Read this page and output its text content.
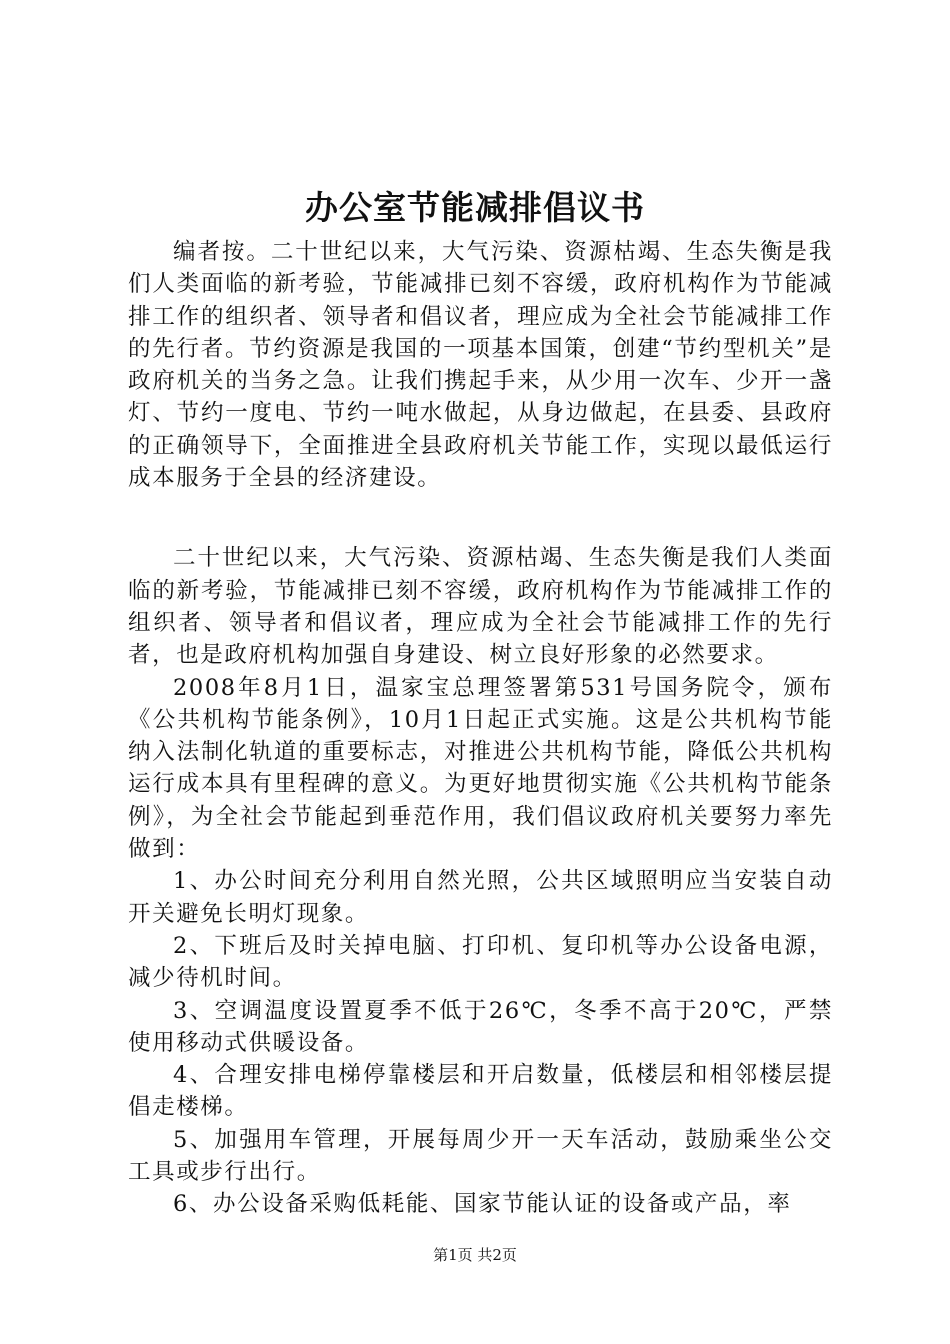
办公室节能减排倡议书

编者按。二十世纪以来，大气污染、资源枯竭、生态失衡是我们人类面临的新考验，节能减排已刻不容缓，政府机构作为节能减排工作的组织者、领导者和倡议者，理应成为全社会节能减排工作的先行者。节约资源是我国的一项基本国策，创建“节约型机关”是政府机关的当务之急。让我们携起手来，从少用一次车、少开一盏灯、节约一度电、节约一吨水做起，从身边做起，在县委、县政府的正确领导下，全面推进全县政府机关节能工作，实现以最低运行成本服务于全县的经济建设。

二十世纪以来，大气污染、资源枯竭、生态失衡是我们人类面临的新考验，节能减排已刻不容缓，政府机构作为节能减排工作的组织者、领导者和倡议者，理应成为全社会节能减排工作的先行者，也是政府机构加强自身建设、树立良好形象的必然要求。

2008年8月1日，温家宝总理签署第531号国务院令，颁布《公共机构节能条例》，10月1日起正式实施。这是公共机构节能纳入法制化轨道的重要标志，对推进公共机构节能，降低公共机构运行成本具有里程碑的意义。为更好地贯彻实施《公共机构节能条例》，为全社会节能起到垂范作用，我们倡议政府机关要努力率先做到：

1、办公时间充分利用自然光照，公共区域照明应当安装自动开关避免长明灯现象。

2、下班后及时关掉电脑、打印机、复印机等办公设备电源，减少待机时间。

3、空调温度设置夏季不低于26℃，冬季不高于20℃，严禁使用移动式供暖设备。

4、合理安排电梯停靠楼层和开启数量，低楼层和相邻楼层提倡走楼梯。

5、加强用车管理，开展每周少开一天车活动，鼓励乘坐公交工具或步行出行。

6、办公设备采购低耗能、国家节能认证的设备或产品，率

第1页 共2页
